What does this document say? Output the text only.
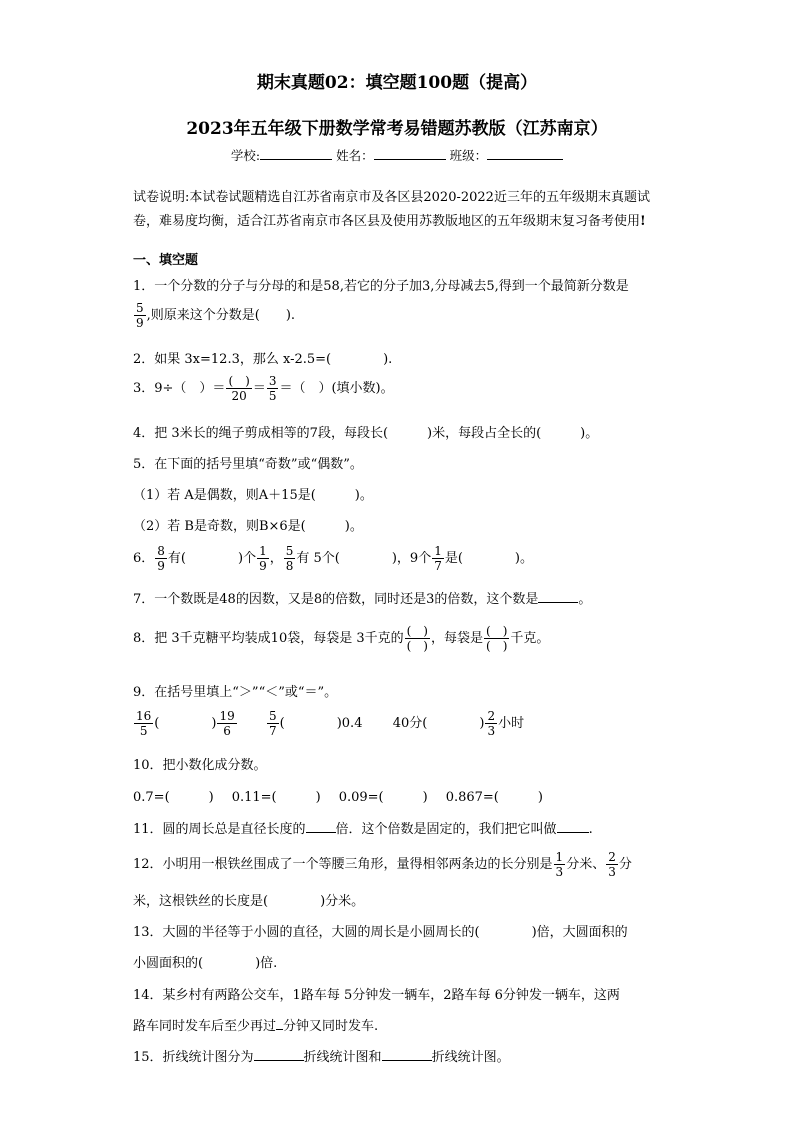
期末真题02：填空题100题（提高）
2023年五年级下册数学常考易错题苏教版（江苏南京）
学校:	姓名：	班级：
试卷说明:本试卷试题精选自江苏省南京市及各区县2020-2022近三年的五年级期末真题试卷，难易度均衡，适合江苏省南京市各区县及使用苏教版地区的五年级期末复习备考使用!
一、填空题
1．一个分数的分子与分母的和是58,若它的分子加3,分母减去5,得到一个最简新分数是
$\frac{5}{9}$ ,则原来这个分数是(　　).
2．如果 3x=12.3，那么 x-2.5=(　　　　).
3．9÷（　）＝ $\frac{( )}{20} = \frac{3}{5}$ ＝（　）(填小数)。
4．把 3米长的绳子剪成相等的7段，每段长(　　　)米，每段占全长的(　　　)。
5．在下面的括号里填“奇数”或“偶数”。
（1）若 A是偶数，则A＋15是(　　　)。
（2）若 B是奇数，则B×6是(　　　)。
6． $\frac{8}{9}$ 有(　　　　)个 $\frac{1}{9}$ ， $\frac{5}{8}$ 有 5个(　　　　)，9个 $\frac{1}{7}$ 是(　　　　)。
7．一个数既是48的因数，又是8的倍数，同时还是3的倍数，这个数是	。
8．把 3千克糖平均装成10袋，每袋是 3千克的 $\frac{( )}{( )}$ ，每袋是 $\frac{( )}{( )}$ 千克。
9．在括号里填上“＞”“＜”或“＝”。
$\frac{16}{5}$ (　　　　) $\frac{19}{6}$
	$\frac{5}{7}$ (　　　　)0.4 40分(　　　　) $\frac{2}{3}$ 小时
10．把小数化成分数。
0.7=(　　　) 0.11=(　　　) 0.09=(　　　) 0.867=(　　　)
11．圆的周长总是直径长度的 倍．这个倍数是固定的，我们把它叫做 .
12．小明用一根铁丝围成了一个等腰三角形，量得相邻两条边的长分别是 $\frac{1}{3}$ 分米、 $\frac{2}{3}$ 分
米，这根铁丝的长度是(　　　　)分米。
13．大圆的半径等于小圆的直径，大圆的周长是小圆周长的(　　　　)倍，大圆面积的
小圆面积的(　　　　)倍.
14．某乡村有两路公交车，1路车每 5分钟发一辆车，2路车每 6分钟发一辆车，这两
路车同时发车后至少再过 分钟又同时发车.
15．折线统计图分为	折线统计图和	折线统计图。
